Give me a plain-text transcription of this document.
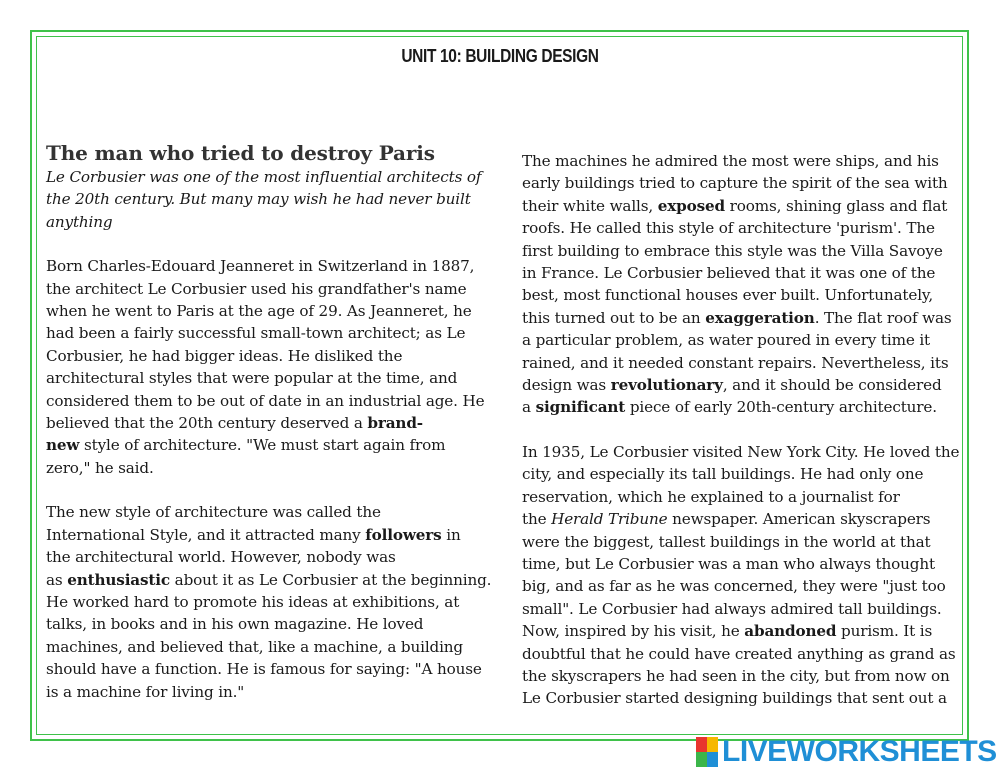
UNIT 10: BUILDING DESIGN

The man who tried to destroy Paris

Le Corbusier was one of the most influential architects of
the 20th century. But many may wish he had never built
anything

Born Charles-Edouard Jeanneret in Switzerland in 1887,
the architect Le Corbusier used his grandfather's name
when he went to Paris at the age of 29. As Jeanneret, he
had been a fairly successful small-town architect; as Le
Corbusier, he had bigger ideas. He disliked the
architectural styles that were popular at the time, and
considered them to be out of date in an industrial age. He
believed that the 20th century deserved a brand-
new style of architecture. "We must start again from
zero," he said.

The new style of architecture was called the
International Style, and it attracted many followers in
the architectural world. However, nobody was
as enthusiastic about it as Le Corbusier at the beginning.
He worked hard to promote his ideas at exhibitions, at
talks, in books and in his own magazine. He loved
machines, and believed that, like a machine, a building
should have a function. He is famous for saying: "A house
is a machine for living in."

The machines he admired the most were ships, and his
early buildings tried to capture the spirit of the sea with
their white walls, exposed rooms, shining glass and flat
roofs. He called this style of architecture 'purism'. The
first building to embrace this style was the Villa Savoye
in France. Le Corbusier believed that it was one of the
best, most functional houses ever built. Unfortunately,
this turned out to be an exaggeration. The flat roof was
a particular problem, as water poured in every time it
rained, and it needed constant repairs. Nevertheless, its
design was revolutionary, and it should be considered
a significant piece of early 20th-century architecture.

In 1935, Le Corbusier visited New York City. He loved the
city, and especially its tall buildings. He had only one
reservation, which he explained to a journalist for
the Herald Tribune newspaper. American skyscrapers
were the biggest, tallest buildings in the world at that
time, but Le Corbusier was a man who always thought
big, and as far as he was concerned, they were "just too
small". Le Corbusier had always admired tall buildings.
Now, inspired by his visit, he abandoned purism. It is
doubtful that he could have created anything as grand as
the skyscrapers he had seen in the city, but from now on
Le Corbusier started designing buildings that sent out a

LIVEWORKSHEETS
